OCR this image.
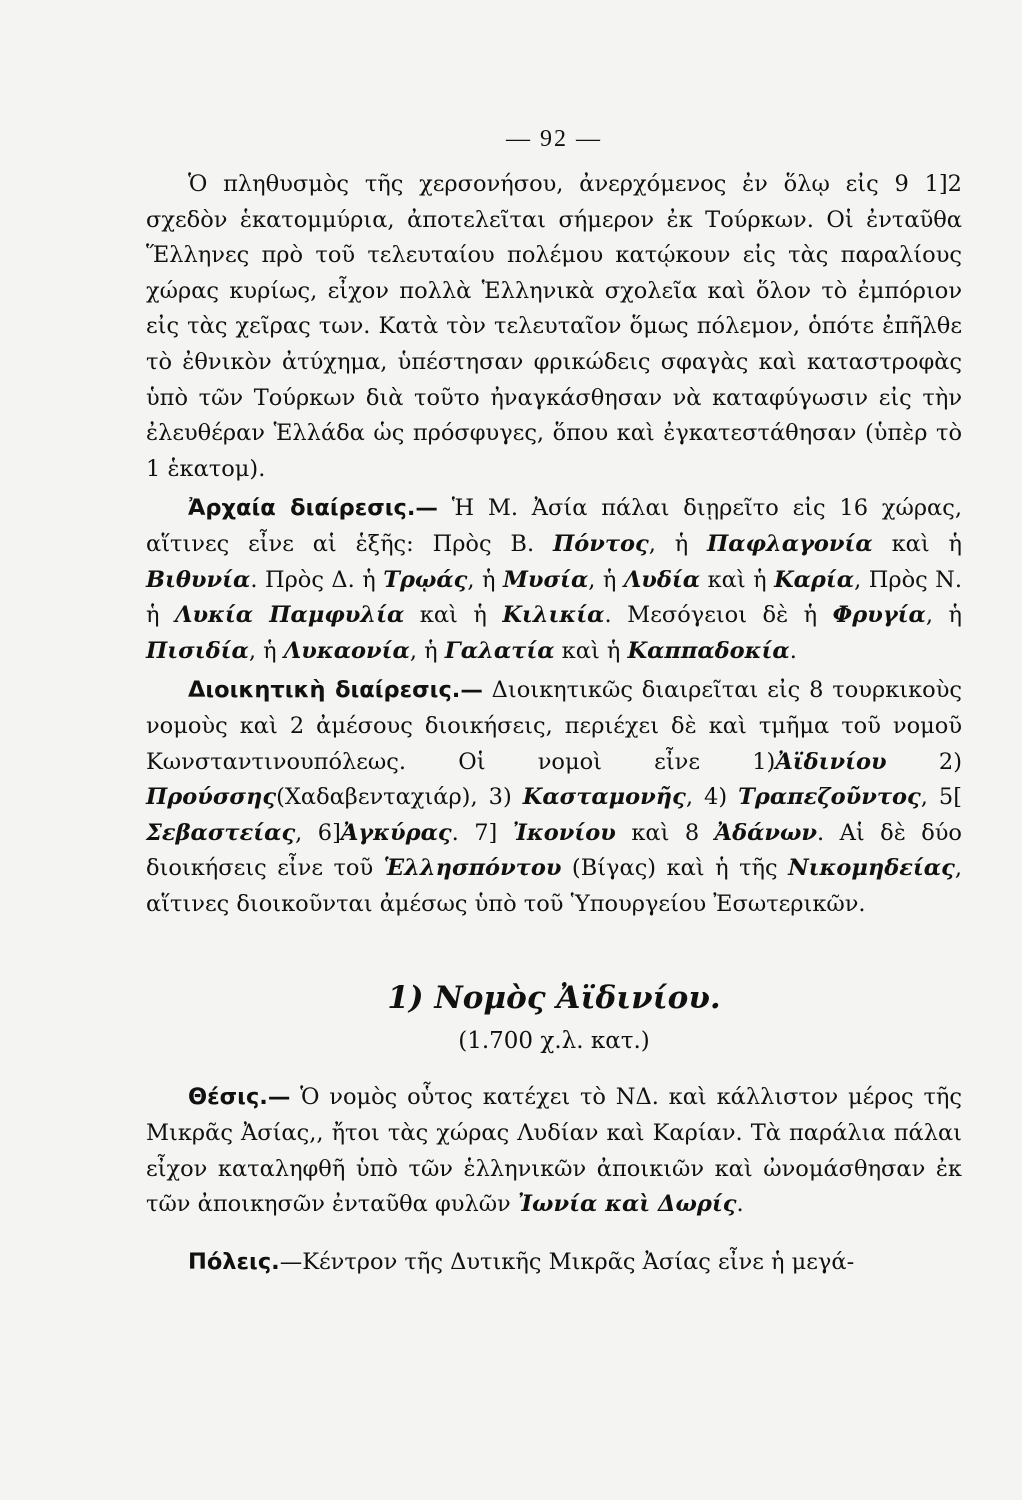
— 92 —

Ὁ πληθυσμὸς τῆς χερσονήσου, ἀνερχόμενος ἐν ὅλῳ εἰς 9 1]2 σχεδὸν ἑκατομμύρια, ἀποτελεῖται σήμερον ἐκ Τούρκων. Οἱ ἐνταῦθα Ἕλληνες πρὸ τοῦ τελευταίου πολέμου κατῴκουν εἰς τὰς παραλίους χώρας κυρίως, εἶχον πολλὰ Ἑλληνικὰ σχολεῖα καὶ ὅλον τὸ ἐμπόριον εἰς τὰς χεῖρας των. Κατὰ τὸν τελευταῖον ὅμως πόλεμον, ὁπότε ἐπῆλθε τὸ ἐθνικὸν ἀτύχημα, ὑπέστησαν φρικώδεις σφαγὰς καὶ καταστροφὰς ὑπὸ τῶν Τούρκων διὰ τοῦτο ἠναγκάσθησαν νὰ καταφύγωσιν εἰς τὴν ἐλευθέραν Ἑλλάδα ὡς πρόσφυγες, ὅπου καὶ ἐγκατεστάθησαν (ὑπὲρ τὸ 1 ἑκατομ).

Ἀρχαία διαίρεσις.— Ἡ Μ. Ἀσία πάλαι διῃρεῖτο εἰς 16 χώρας, αἵτινες εἶνε αἱ ἑξῆς: Πρὸς Β. Πόντος, ἡ Παφλαγονία καὶ ἡ Βιθυνία. Πρὸς Δ. ἡ Τρῳάς, ἡ Μυσία, ἡ Λυδία καὶ ἡ Καρία, Πρὸς Ν. ἡ Λυκία Παμφυλία καὶ ἡ Κιλικία. Μεσόγειοι δὲ ἡ Φρυγία, ἡ Πισιδία, ἡ Λυκαονία, ἡ Γαλατία καὶ ἡ Καππαδοκία.

Διοικητικὴ διαίρεσις.— Διοικητικῶς διαιρεῖται εἰς 8 τουρκικοὺς νομοὺς καὶ 2 ἀμέσους διοικήσεις, περιέχει δὲ καὶ τμῆμα τοῦ νομοῦ Κωνσταντινουπόλεως. Οἱ νομοὶ εἶνε 1)Ἀϊδινίου 2) Προύσσης(Χαδαβενταχιάρ), 3) Κασταμονῆς, 4) Τραπεζοῦντος, 5[ Σεβαστείας, 6]Ἀγκύρας. 7] Ἰκονίου καὶ 8 Ἀδάνων. Αἱ δὲ δύο διοικήσεις εἶνε τοῦ Ἑλλησπόντου (Βίγας) καὶ ἡ τῆς Νικομηδείας, αἵτινες διοικοῦνται ἀμέσως ὑπὸ τοῦ Ὑπουργείου Ἐσωτερικῶν.

1) Νομὸς Ἀϊδινίου.
(1.700 χ.λ. κατ.)

Θέσις.— Ὁ νομὸς οὗτος κατέχει τὸ ΝΔ. καὶ κάλλιστον μέρος τῆς Μικρᾶς Ἀσίας,, ἤτοι τὰς χώρας Λυδίαν καὶ Καρίαν. Τὰ παράλια πάλαι εἶχον καταληφθῆ ὑπὸ τῶν ἑλληνικῶν ἀποικιῶν καὶ ὠνομάσθησαν ἐκ τῶν ἀποικησῶν ἐνταῦθα φυλῶν Ἰωνία καὶ Δωρίς.

Πόλεις.—Κέντρον τῆς Δυτικῆς Μικρᾶς Ἀσίας εἶνε ἡ μεγά-
